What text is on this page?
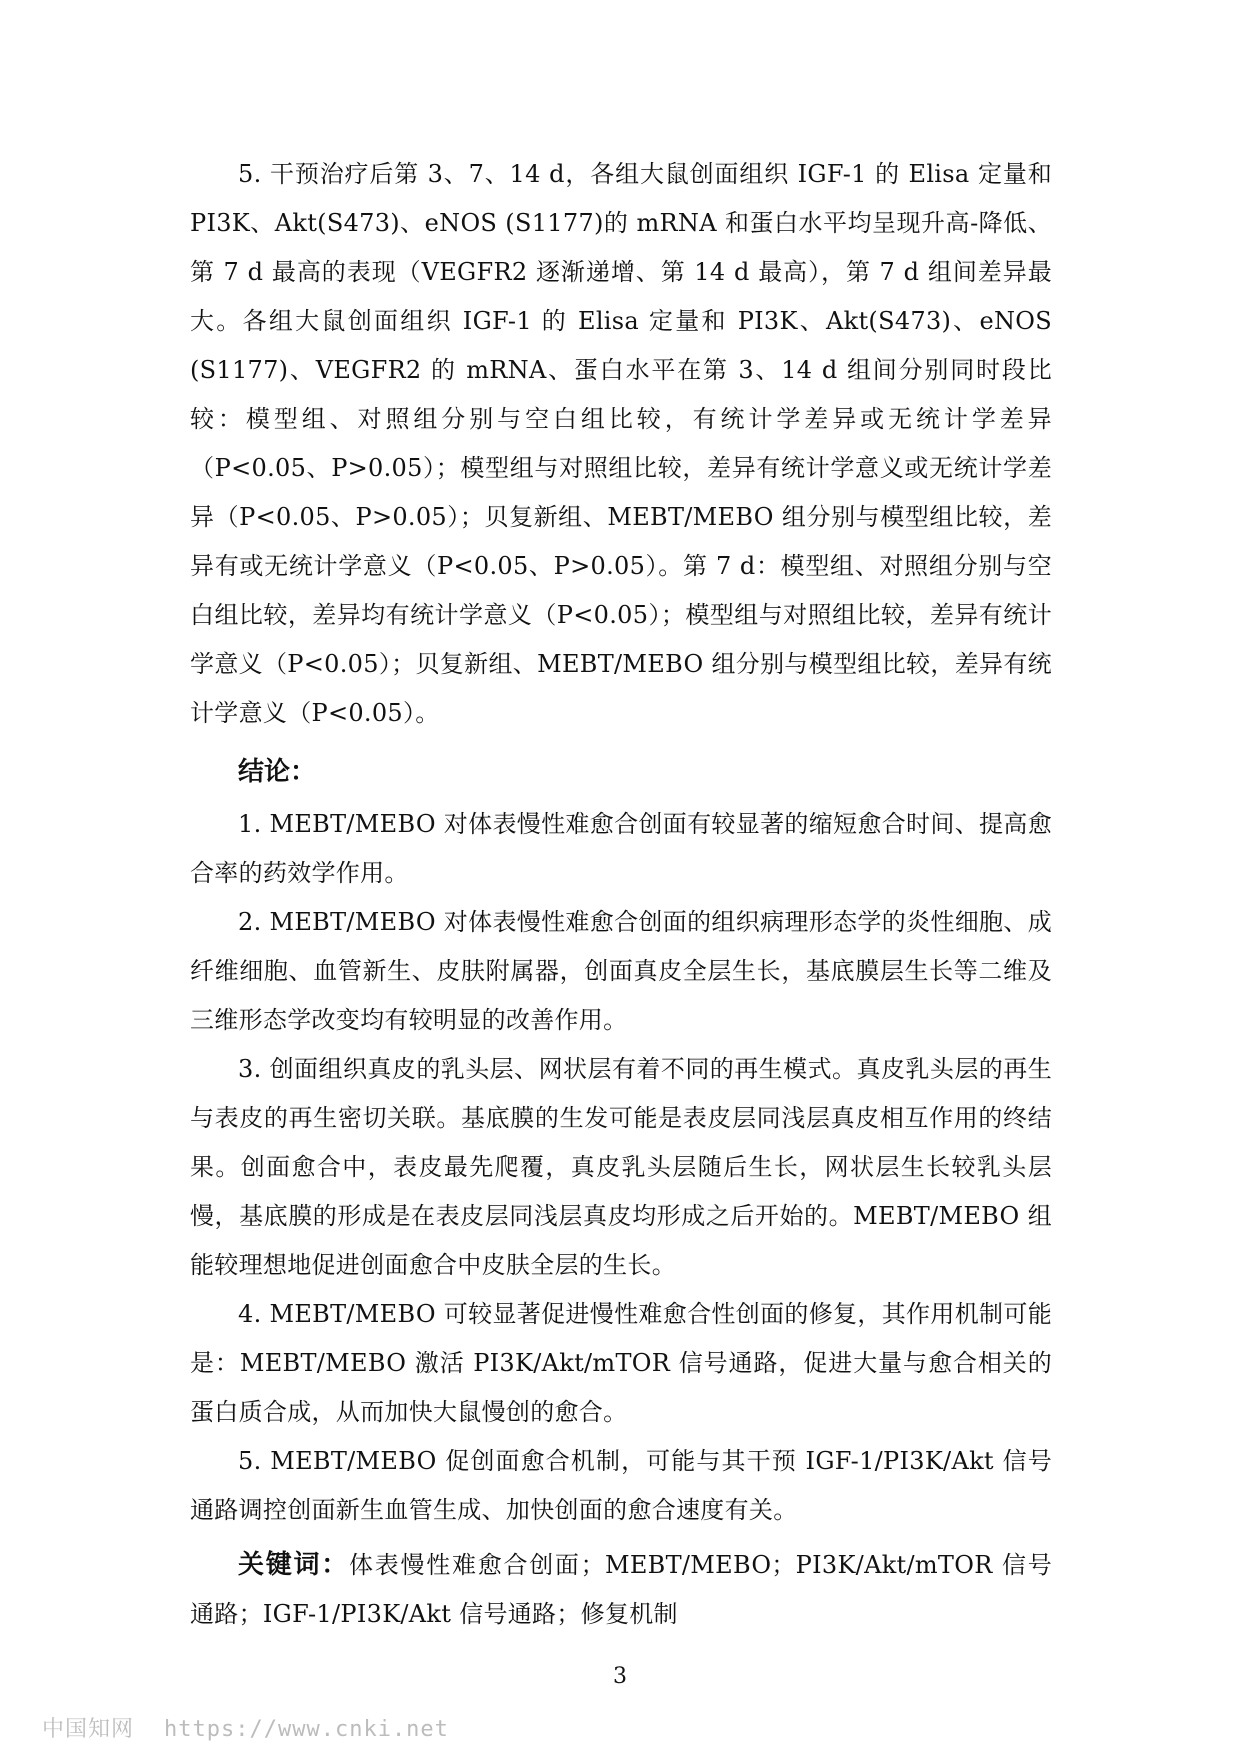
5. 干预治疗后第 3、7、14 d，各组大鼠创面组织 IGF-1 的 Elisa 定量和 PI3K、Akt(S473)、eNOS (S1177)的 mRNA 和蛋白水平均呈现升高-降低、第 7 d 最高的表现（VEGFR2 逐渐递增、第 14 d 最高），第 7 d 组间差异最大。各组大鼠创面组织 IGF-1 的 Elisa 定量和 PI3K、Akt(S473)、eNOS (S1177)、VEGFR2 的 mRNA、蛋白水平在第 3、14 d 组间分别同时段比较：模型组、对照组分别与空白组比较，有统计学差异或无统计学差异（P<0.05、P>0.05）；模型组与对照组比较，差异有统计学意义或无统计学差异（P<0.05、P>0.05）；贝复新组、MEBT/MEBO 组分别与模型组比较，差异有或无统计学意义（P<0.05、P>0.05）。第 7 d：模型组、对照组分别与空白组比较，差异均有统计学意义（P<0.05）；模型组与对照组比较，差异有统计学意义（P<0.05）；贝复新组、MEBT/MEBO 组分别与模型组比较，差异有统计学意义（P<0.05）。

结论：

1. MEBT/MEBO 对体表慢性难愈合创面有较显著的缩短愈合时间、提高愈合率的药效学作用。

2. MEBT/MEBO 对体表慢性难愈合创面的组织病理形态学的炎性细胞、成纤维细胞、血管新生、皮肤附属器，创面真皮全层生长，基底膜层生长等二维及三维形态学改变均有较明显的改善作用。

3. 创面组织真皮的乳头层、网状层有着不同的再生模式。真皮乳头层的再生与表皮的再生密切关联。基底膜的生发可能是表皮层同浅层真皮相互作用的终结果。创面愈合中，表皮最先爬覆，真皮乳头层随后生长，网状层生长较乳头层慢，基底膜的形成是在表皮层同浅层真皮均形成之后开始的。MEBT/MEBO 组能较理想地促进创面愈合中皮肤全层的生长。

4. MEBT/MEBO 可较显著促进慢性难愈合性创面的修复，其作用机制可能是：MEBT/MEBO 激活 PI3K/Akt/mTOR 信号通路，促进大量与愈合相关的蛋白质合成，从而加快大鼠慢创的愈合。

5. MEBT/MEBO 促创面愈合机制，可能与其干预 IGF-1/PI3K/Akt 信号通路调控创面新生血管生成、加快创面的愈合速度有关。

关键词：体表慢性难愈合创面；MEBT/MEBO；PI3K/Akt/mTOR 信号通路；IGF-1/PI3K/Akt 信号通路；修复机制

3
中国知网 https://www.cnki.net
